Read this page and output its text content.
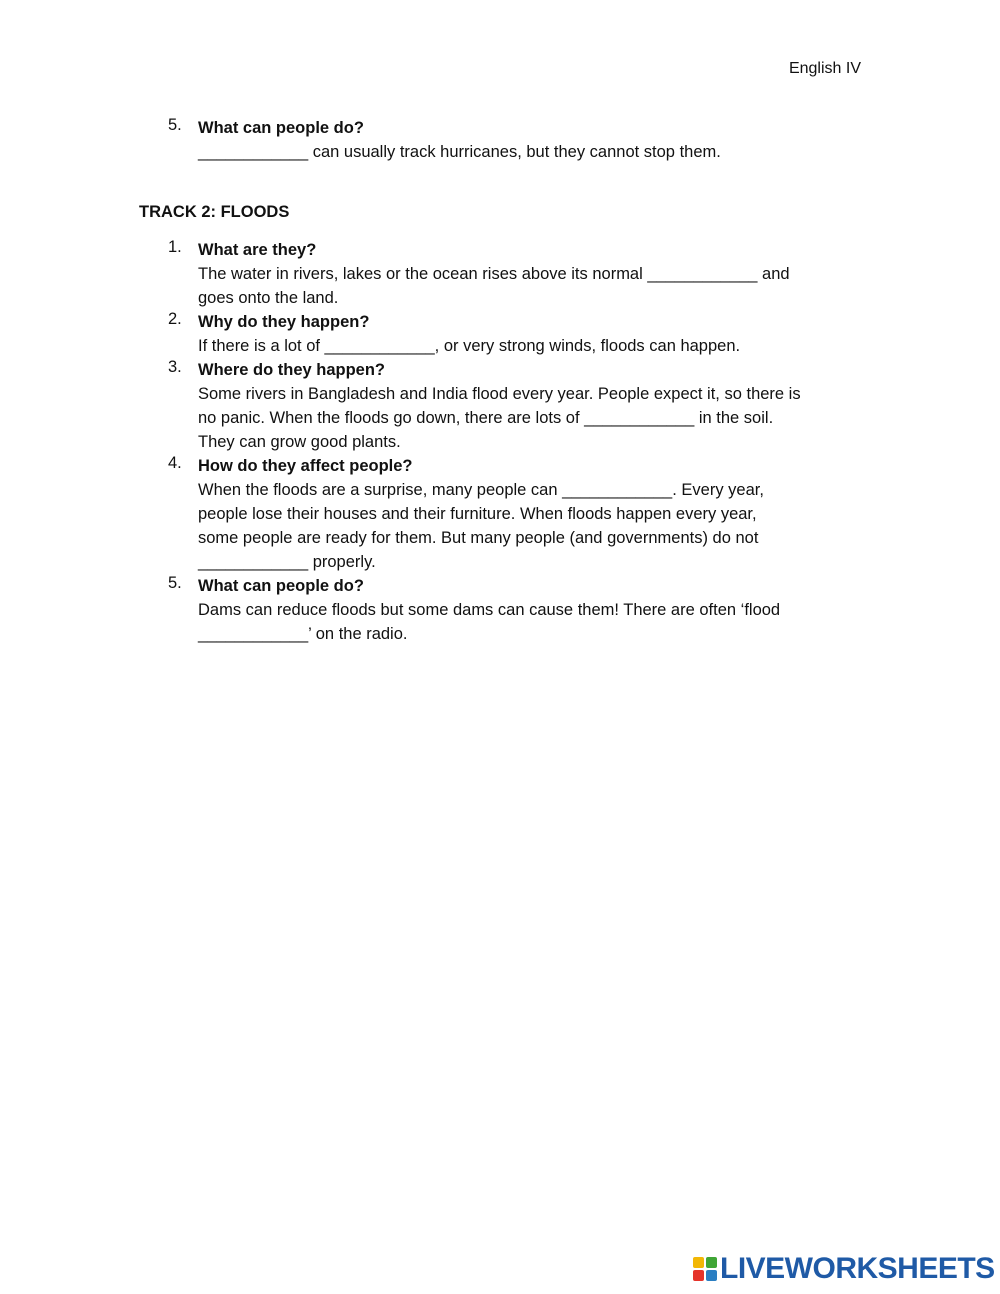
English IV
5. What can people do?
____________ can usually track hurricanes, but they cannot stop them.
TRACK 2: FLOODS
1. What are they?
The water in rivers, lakes or the ocean rises above its normal ____________ and
goes onto the land.
2. Why do they happen?
If there is a lot of ____________, or very strong winds, floods can happen.
3. Where do they happen?
Some rivers in Bangladesh and India flood every year. People expect it, so there is
no panic. When the floods go down, there are lots of ____________ in the soil.
They can grow good plants.
4. How do they affect people?
When the floods are a surprise, many people can ____________. Every year,
people lose their houses and their furniture. When floods happen every year,
some people are ready for them. But many people (and governments) do not
____________ properly.
5. What can people do?
Dams can reduce floods but some dams can cause them! There are often ‘flood
____________’ on the radio.
LIVEWORKSHEETS
